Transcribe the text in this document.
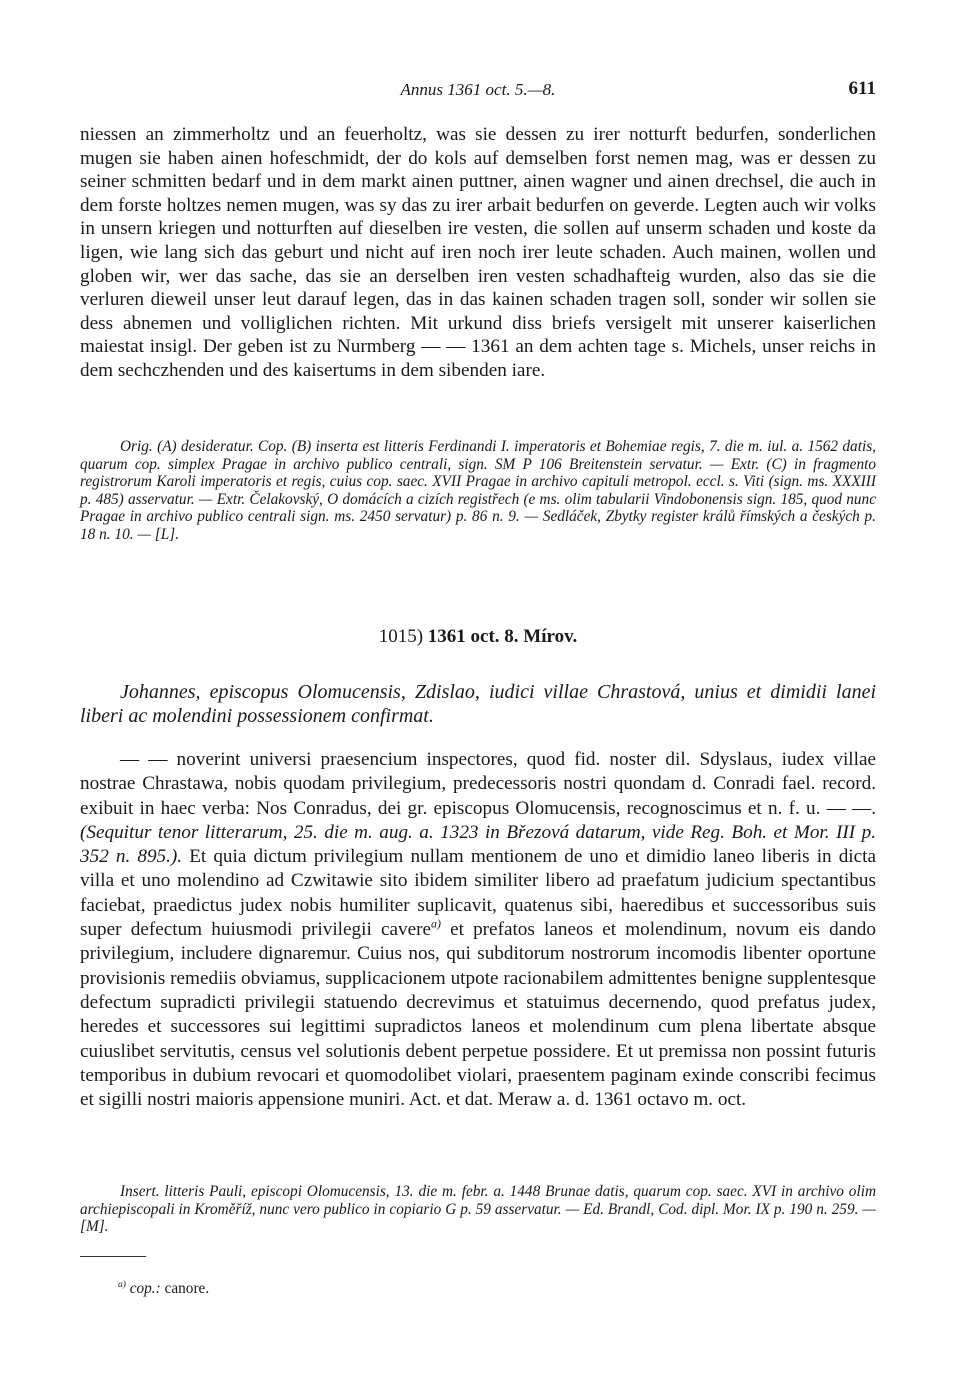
Annus 1361 oct. 5.—8.	611

niessen an zimmerholtz und an feuerholtz, was sie dessen zu irer notturft bedurfen, sonderlichen mugen sie haben ainen hofeschmidt, der do kols auf demselben forst nemen mag, was er dessen zu seiner schmitten bedarf und in dem markt ainen puttner, ainen wagner und ainen drechsel, die auch in dem forste holtzes nemen mugen, was sy das zu irer arbait bedurfen on geverde. Legten auch wir volks in unsern kriegen und notturften auf dieselben ire vesten, die sollen auf unserm schaden und koste da ligen, wie lang sich das geburt und nicht auf iren noch irer leute schaden. Auch mainen, wollen und globen wir, wer das sache, das sie an derselben iren vesten schadhafteig wurden, also das sie die verluren dieweil unser leut darauf legen, das in das kainen schaden tragen soll, sonder wir sollen sie dess abnemen und volliglichen richten. Mit urkund diss briefs versigelt mit unserer kaiserlichen maiestat insigl. Der geben ist zu Nurmberg — — 1361 an dem achten tage s. Michels, unser reichs in dem sechczhenden und des kaisertums in dem sibenden iare.

Orig. (A) desideratur. Cop. (B) inserta est litteris Ferdinandi I. imperatoris et Bohemiae regis, 7. die m. iul. a. 1562 datis, quarum cop. simplex Pragae in archivo publico centrali, sign. SM P 106 Breitenstein servatur. — Extr. (C) in fragmento registrorum Karoli imperatoris et regis, cuius cop. saec. XVII Pragae in archivo capituli metropol. eccl. s. Viti (sign. ms. XXXIII p. 485) asservatur. — Extr. Čelakovský, O domácích a cizích registřech (e ms. olim tabularii Vindobonensis sign. 185, quod nunc Pragae in archivo publico centrali sign. ms. 2450 servatur) p. 86 n. 9. — Sedláček, Zbytky register králů římských a českých p. 18 n. 10. — [L].

1015) 1361 oct. 8. Mírov.

Johannes, episcopus Olomucensis, Zdislao, iudici villae Chrastová, unius et dimidii lanei liberi ac molendini possessionem confirmat.

— — noverint universi praesencium inspectores, quod fid. noster dil. Sdyslaus, iudex villae nostrae Chrastawa, nobis quodam privilegium, predecessoris nostri quondam d. Conradi fael. record. exibuit in haec verba: Nos Conradus, dei gr. episcopus Olomucensis, recognoscimus et n. f. u. — —. (Sequitur tenor litterarum, 25. die m. aug. a. 1323 in Březová datarum, vide Reg. Boh. et Mor. III p. 352 n. 895.). Et quia dictum privilegium nullam mentionem de uno et dimidio laneo liberis in dicta villa et uno molendino ad Czwitawie sito ibidem similiter libero ad praefatum judicium spectantibus faciebat, praedictus judex nobis humiliter suplicavit, quatenus sibi, haeredibus et successoribus suis super defectum huiusmodi privilegii cavere$^{a)}$ et prefatos laneos et molendinum, novum eis dando privilegium, includere dignaremur. Cuius nos, qui subditorum nostrorum incomodis libenter oportune provisionis remediis obviamus, supplicacionem utpote racionabilem admittentes benigne supplentesque defectum supradicti privilegii statuendo decrevimus et statuimus decernendo, quod prefatus judex, heredes et successores sui legittimi supradictos laneos et molendinum cum plena libertate absque cuiuslibet servitutis, census vel solutionis debent perpetue possidere. Et ut premissa non possint futuris temporibus in dubium revocari et quomodolibet violari, praesentem paginam exinde conscribi fecimus et sigilli nostri maioris appensione muniri. Act. et dat. Meraw a. d. 1361 octavo m. oct.

Insert. litteris Pauli, episcopi Olomucensis, 13. die m. febr. a. 1448 Brunae datis, quarum cop. saec. XVI in archivo olim archiepiscopali in Kroměříž, nunc vero publico in copiario G p. 59 asservatur. — Ed. Brandl, Cod. dipl. Mor. IX p. 190 n. 259. — [M].

$^{a)}$ cop.: canore.
